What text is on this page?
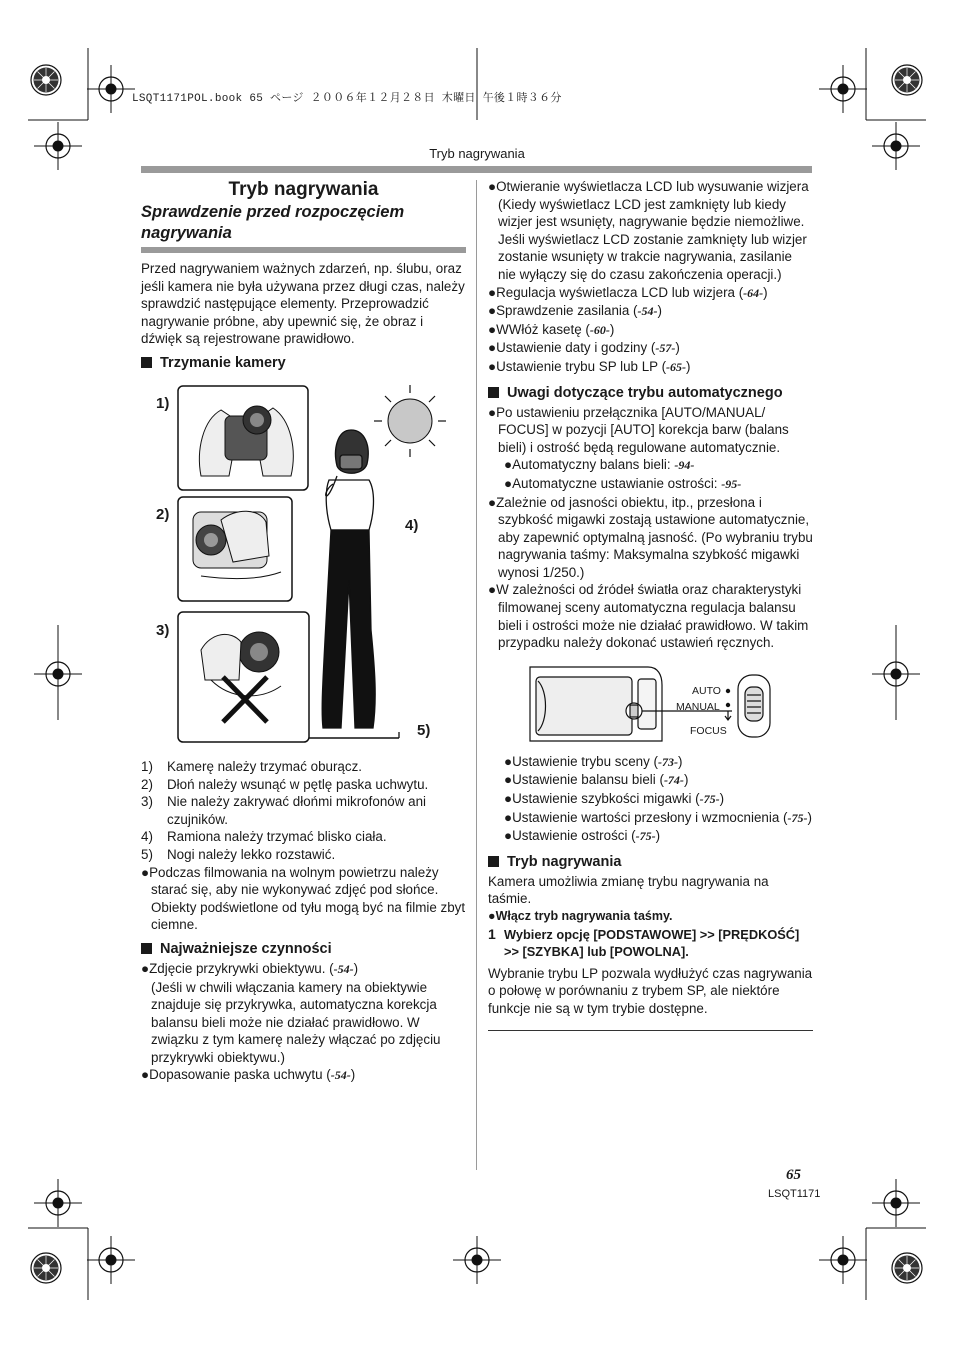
LSQT1171POL.book 65 ページ ２００６年１２月２８日 木曜日 午後１時３６分
Tryb nagrywania

Tryb nagrywania

Sprawdzenie przed rozpoczęciem nagrywania

Przed nagrywaniem ważnych zdarzeń, np. ślubu, oraz jeśli kamera nie była używana przez długi czas, należy sprawdzić następujące elementy. Przeprowadzić nagrywanie próbne, aby upewnić się, że obraz i dźwięk są rejestrowane prawidłowo.

Trzymanie kamery
1)
2)
3)
4)
5)
1)	Kamerę należy trzymać oburącz.
2)	Dłoń należy wsunąć w pętlę paska uchwytu.
3)	Nie należy zakrywać dłońmi mikrofonów ani czujników.
4)	Ramiona należy trzymać blisko ciała.
5)	Nogi należy lekko rozstawić.

●Podczas filmowania na wolnym powietrzu należy starać się, aby nie wykonywać zdjęć pod słońce. Obiekty podświetlone od tyłu mogą być na filmie zbyt ciemne.

Najważniejsze czynności

●Zdjęcie przykrywki obiektywu. (-54-)

(Jeśli w chwili włączania kamery na obiektywie znajduje się przykrywka, automatyczna korekcja balansu bieli może nie działać prawidłowo. W związku z tym kamerę należy włączać po zdjęciu przykrywki obiektywu.)

●Dopasowanie paska uchwytu (-54-)

●Otwieranie wyświetlacza LCD lub wysuwanie wizjera

(Kiedy wyświetlacz LCD jest zamknięty lub kiedy wizjer jest wsunięty, nagrywanie będzie niemożliwe. Jeśli wyświetlacz LCD zostanie zamknięty lub wizjer zostanie wsunięty w trakcie nagrywania, zasilanie nie wyłączy się do czasu zakończenia operacji.)

●Regulacja wyświetlacza LCD lub wizjera (-64-)

●Sprawdzenie zasilania (-54-)

●WWłóż kasetę (-60-)

●Ustawienie daty i godziny (-57-)

●Ustawienie trybu SP lub LP (-65-)

Uwagi dotyczące trybu automatycznego

●Po ustawieniu przełącznika [AUTO/MANUAL/ FOCUS] w pozycji [AUTO] korekcja barw (balans bieli) i ostrość będą regulowane automatycznie.

●Automatyczny balans bieli: -94-

●Automatyczne ustawianie ostrości: -95-

●Zależnie od jasności obiektu, itp., przesłona i szybkość migawki zostają ustawione automatycznie, aby zapewnić optymalną jasność. (Po wybraniu trybu nagrywania taśmy: Maksymalna szybkość migawki wynosi 1/250.)

●W zależności od źródeł światła oraz charakterystyki filmowanej sceny automatyczna regulacja balansu bieli i ostrości może nie działać prawidłowo. W takim przypadku należy dokonać ustawień ręcznych.

AUTO
MANUAL
FOCUS

●Ustawienie trybu sceny (-73-)

●Ustawienie balansu bieli (-74-)

●Ustawienie szybkości migawki (-75-)

●Ustawienie wartości przesłony i wzmocnienia (-75-)

●Ustawienie ostrości (-75-)

Tryb nagrywania

Kamera umożliwia zmianę trybu nagrywania na taśmie.

●Włącz tryb nagrywania taśmy.

1 Wybierz opcję [PODSTAWOWE] >> [PRĘDKOŚĆ] >> [SZYBKA] lub [POWOLNA].

Wybranie trybu LP pozwala wydłużyć czas nagrywania o połowę w porównaniu z trybem SP, ale niektóre funkcje nie są w tym trybie dostępne.

65
LSQT1171
